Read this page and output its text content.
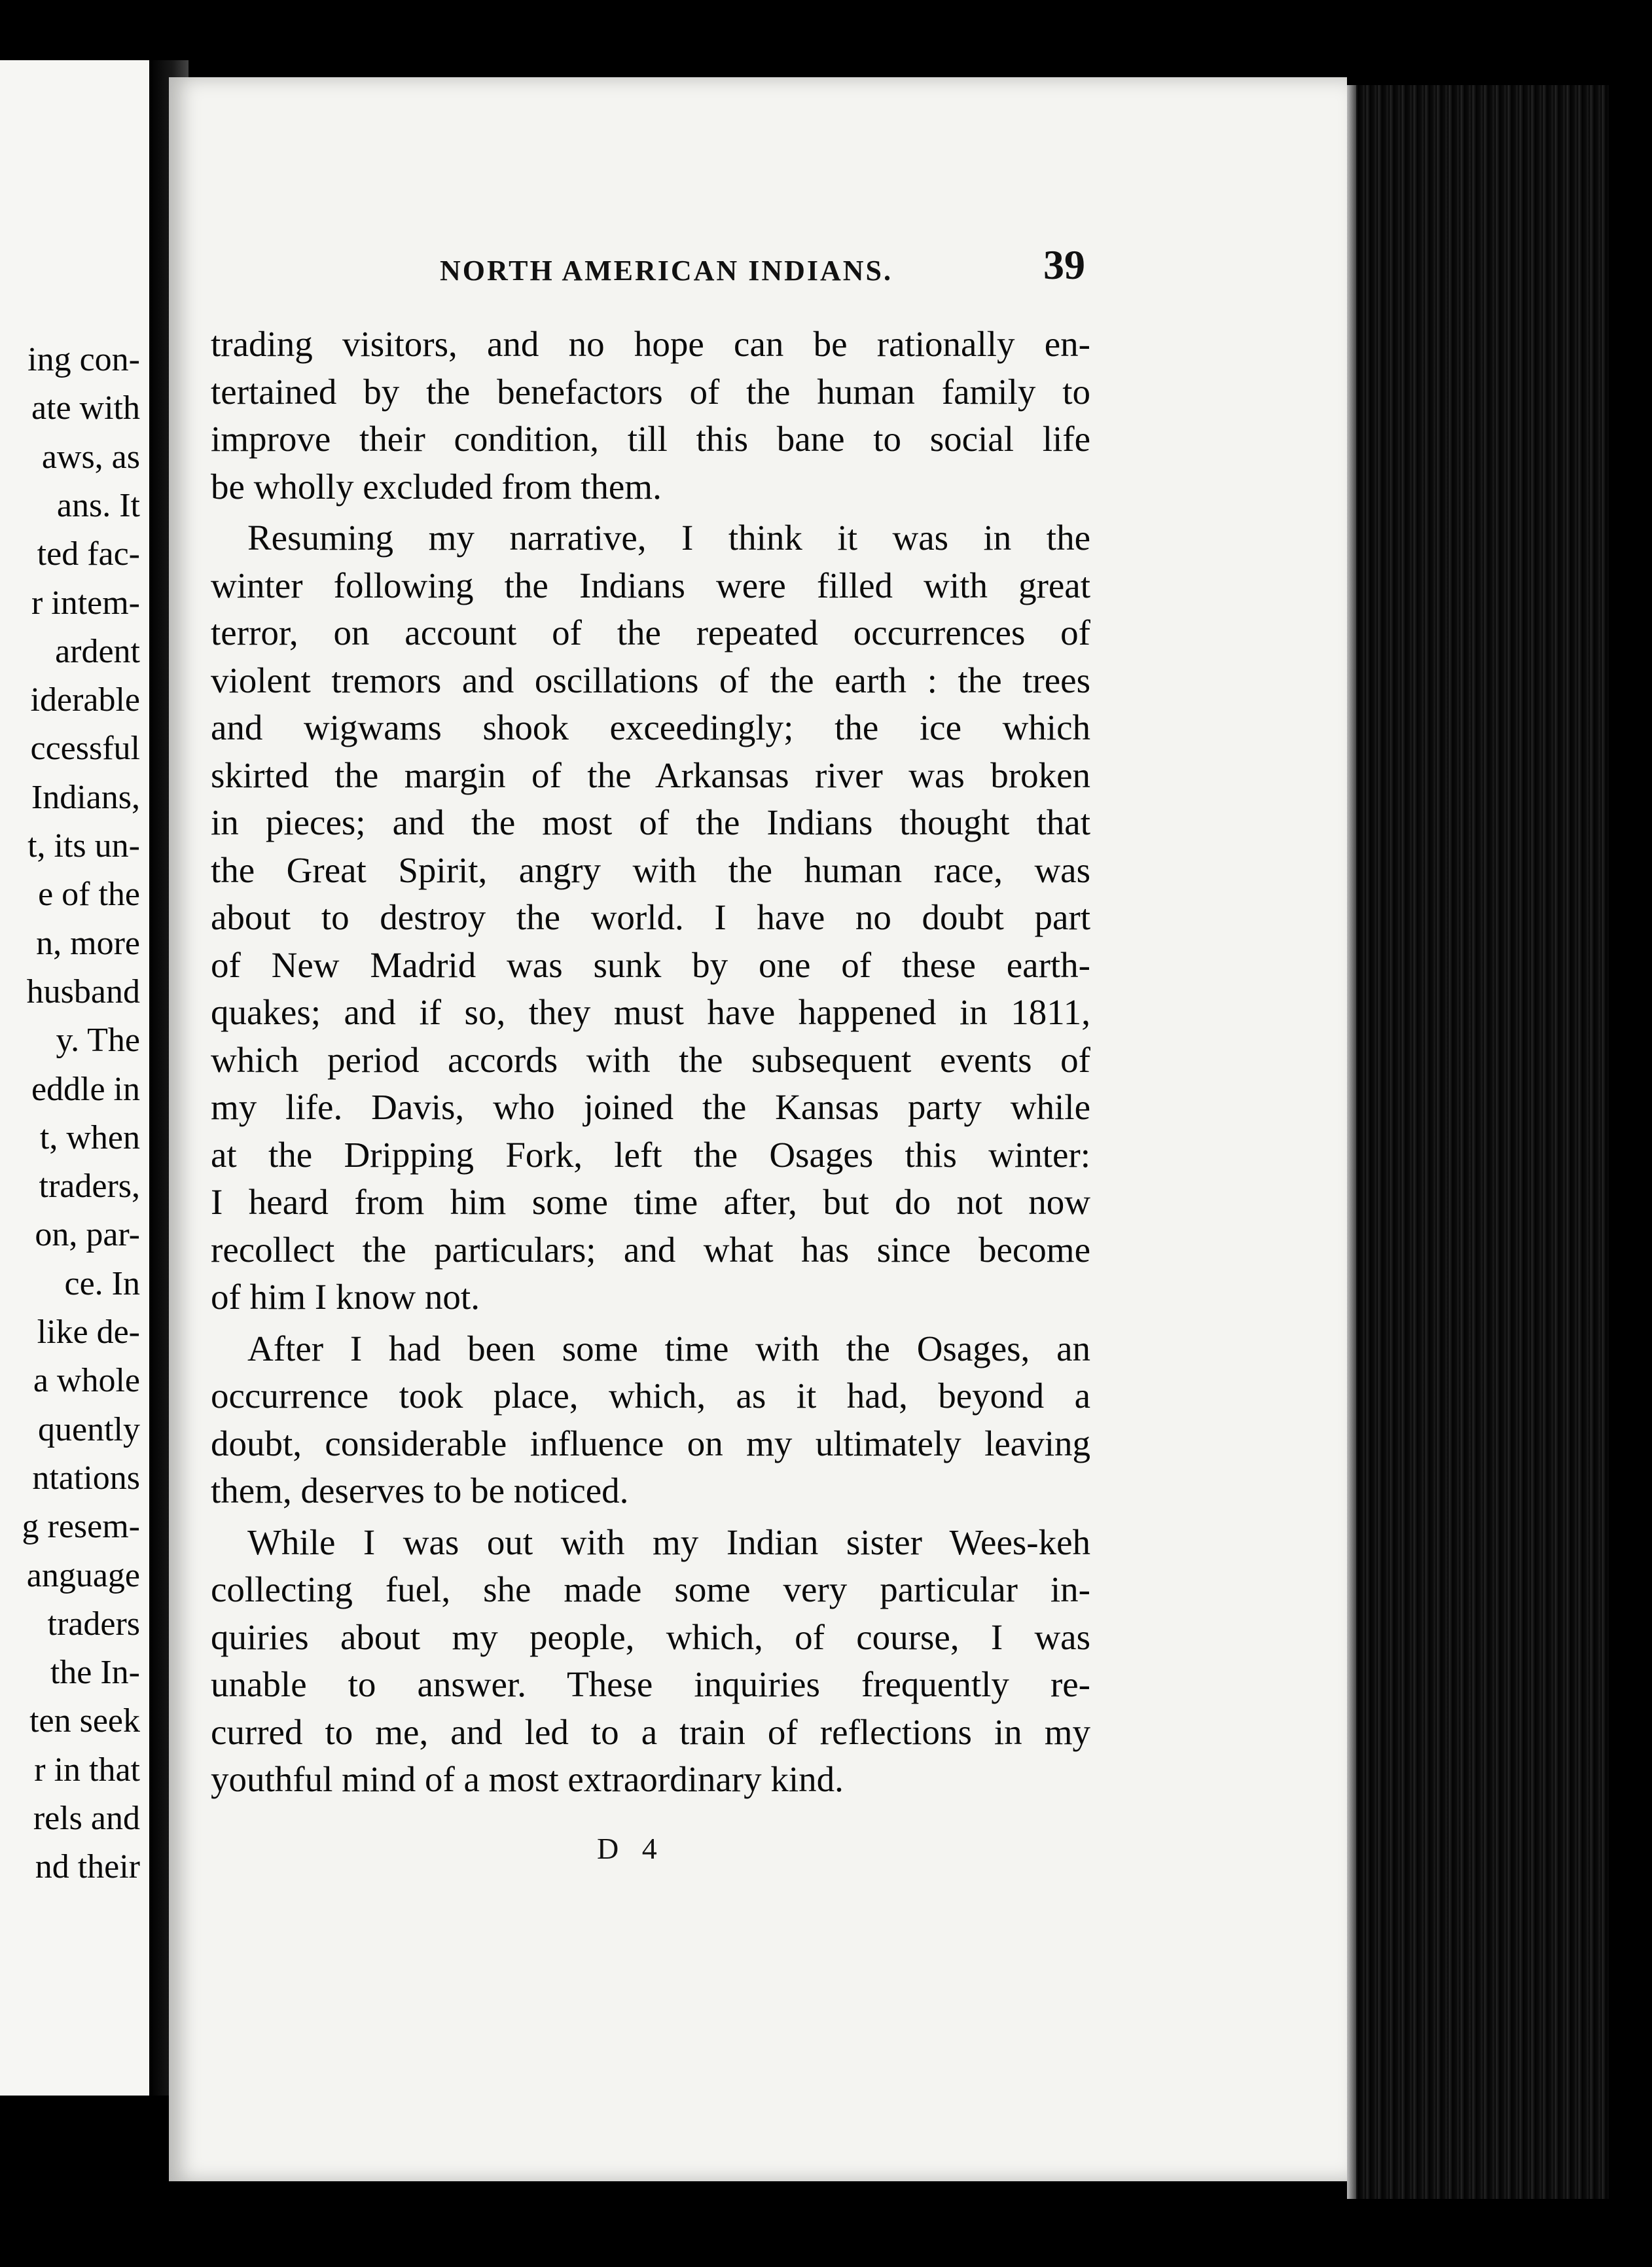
ing con-
ate with
aws, as
ans. It
ted fac-
r intem-
ardent
iderable
ccessful
Indians,
t, its un-
e of the
n, more
husband
y. The
eddle in
t, when
traders,
on, par-
ce. In
like de-
a whole
quently
ntations
g resem-
anguage
traders
the In-
ten seek
r in that
rels and
nd their
NORTH AMERICAN INDIANS.	39
trading visitors, and no hope can be rationally en-
tertained by the benefactors of the human family to
improve their condition, till this bane to social life
be wholly excluded from them.
Resuming my narrative, I think it was in the
winter following the Indians were filled with great
terror, on account of the repeated occurrences of
violent tremors and oscillations of the earth : the trees
and wigwams shook exceedingly; the ice which
skirted the margin of the Arkansas river was broken
in pieces; and the most of the Indians thought that
the Great Spirit, angry with the human race, was
about to destroy the world. I have no doubt part
of New Madrid was sunk by one of these earth-
quakes; and if so, they must have happened in 1811,
which period accords with the subsequent events of
my life. Davis, who joined the Kansas party while
at the Dripping Fork, left the Osages this winter:
I heard from him some time after, but do not now
recollect the particulars; and what has since become
of him I know not.
After I had been some time with the Osages, an
occurrence took place, which, as it had, beyond a
doubt, considerable influence on my ultimately leaving
them, deserves to be noticed.
While I was out with my Indian sister Wees-keh
collecting fuel, she made some very particular in-
quiries about my people, which, of course, I was
unable to answer. These inquiries frequently re-
curred to me, and led to a train of reflections in my
youthful mind of a most extraordinary kind.
D 4
